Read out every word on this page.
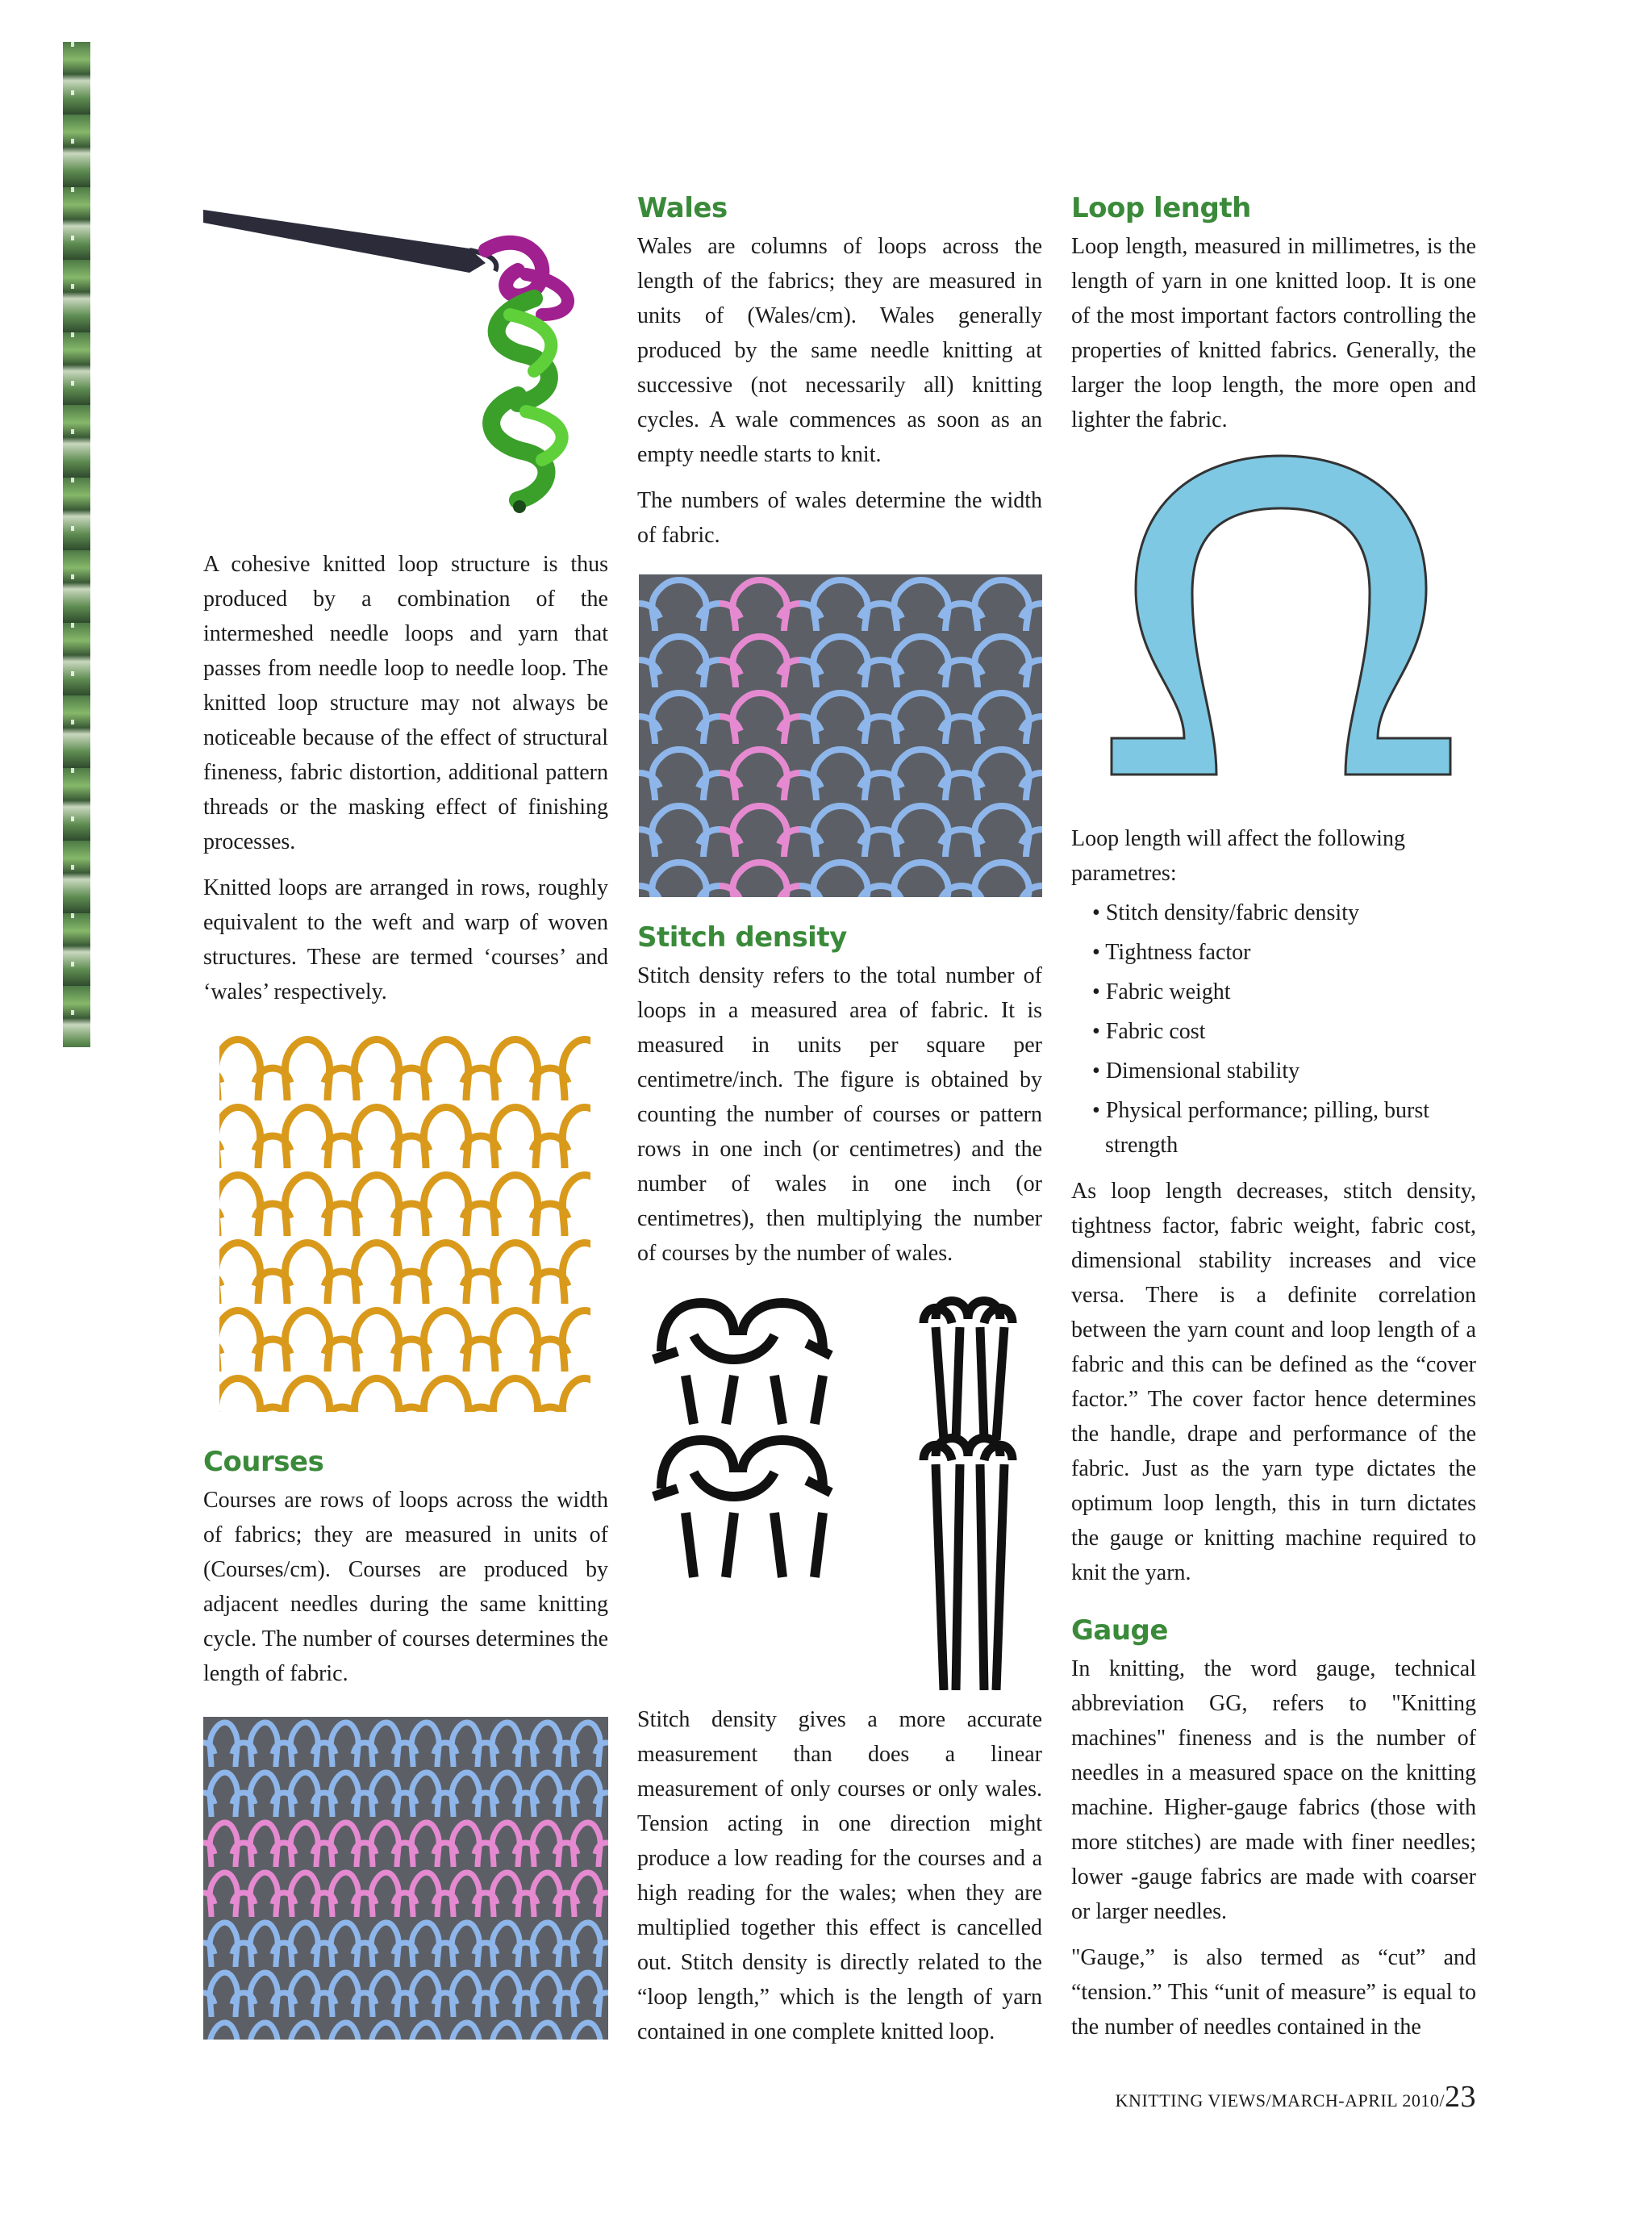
A cohesive knitted loop structure is thus produced by a combination of the intermeshed needle loops and yarn that passes from needle loop to needle loop. The knitted loop structure may not always be noticeable because of the effect of structural fineness, fabric distortion, additional pattern threads or the masking effect of finishing processes.

Knitted loops are arranged in rows, roughly equivalent to the weft and warp of woven structures. These are termed ‘courses’ and ‘wales’ respectively.

Courses

Courses are rows of loops across the width of fabrics; they are measured in units of (Courses/cm). Courses are produced by adjacent needles during the same knitting cycle. The number of courses determines the length of fabric.

Wales

Wales are columns of loops across the length of the fabrics; they are measured in units of (Wales/cm). Wales generally produced by the same needle knitting at successive (not necessarily all) knitting cycles. A wale commences as soon as an empty needle starts to knit.

The numbers of wales determine the width of fabric.

Stitch density

Stitch density refers to the total number of loops in a measured area of fabric. It is measured in units per square per centimetre/inch. The figure is obtained by counting the number of courses or pattern rows in one inch (or centimetres) and the number of wales in one inch (or centimetres), then multiplying the number of courses by the number of wales.

Stitch density gives a more accurate measurement than does a linear measurement of only courses or only wales. Tension acting in one direction might produce a low reading for the courses and a high reading for the wales; when they are multiplied together this effect is cancelled out. Stitch density is directly related to the “loop length,” which is the length of yarn contained in one complete knitted loop.

Loop length

Loop length, measured in millimetres, is the length of yarn in one knitted loop. It is one of the most important factors controlling the properties of knitted fabrics. Generally, the larger the loop length, the more open and lighter the fabric.

Loop length will affect the following parametres:

• Stitch density/fabric density
• Tightness factor
• Fabric weight
• Fabric cost
• Dimensional stability
• Physical performance; pilling, burst strength

As loop length decreases, stitch density, tightness factor, fabric weight, fabric cost, dimensional stability increases and vice versa. There is a definite correlation between the yarn count and loop length of a fabric and this can be defined as the “cover factor.” The cover factor hence determines the handle, drape and performance of the fabric. Just as the yarn type dictates the optimum loop length, this in turn dictates the gauge or knitting machine required to knit the yarn.

Gauge

In knitting, the word gauge, technical abbreviation GG, refers to "Knitting machines" fineness and is the number of needles in a measured space on the knitting machine. Higher-gauge fabrics (those with more stitches) are made with finer needles; lower -gauge fabrics are made with coarser or larger needles.

"Gauge,” is also termed as “cut” and “tension.” This “unit of measure” is equal to the number of needles contained in the

KNITTING VIEWS/MARCH-APRIL 2010/23
